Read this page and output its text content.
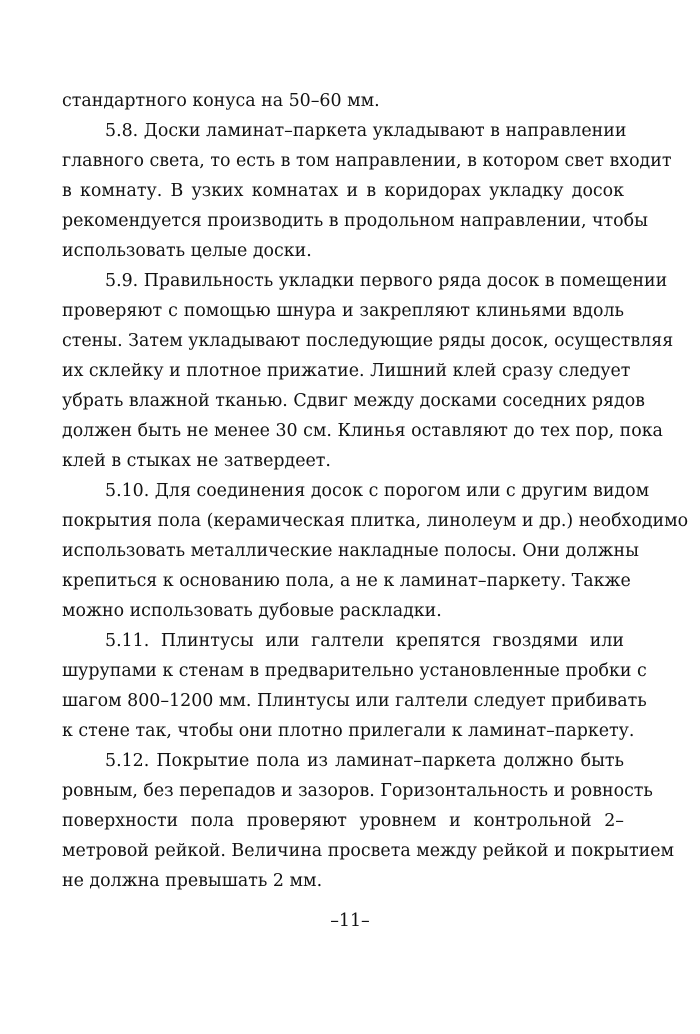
стандартного конуса на 50–60 мм.
5.8. Доски ламинат–паркета укладывают в направлении
главного света, то есть в том направлении, в котором свет входит
в комнату. В узких комнатах и в коридорах укладку досок
рекомендуется производить в продольном направлении, чтобы
использовать целые доски.
5.9. Правильность укладки первого ряда досок в помещении
проверяют с помощью шнура и закрепляют клиньями вдоль
стены. Затем укладывают последующие ряды досок, осуществляя
их склейку и плотное прижатие. Лишний клей сразу следует
убрать влажной тканью. Сдвиг между досками соседних рядов
должен быть не менее 30 см. Клинья оставляют до тех пор, пока
клей в стыках не затвердеет.
5.10. Для соединения досок с порогом или с другим видом
покрытия пола (керамическая плитка, линолеум и др.) необходимо
использовать металлические накладные полосы. Они должны
крепиться к основанию пола, а не к ламинат–паркету. Также
можно использовать дубовые раскладки.
5.11. Плинтусы или галтели крепятся гвоздями или
шурупами к стенам в предварительно установленные пробки с
шагом 800–1200 мм. Плинтусы или галтели следует прибивать
к стене так, чтобы они плотно прилегали к ламинат–паркету.
5.12. Покрытие пола из ламинат–паркета должно быть
ровным, без перепадов и зазоров. Горизонтальность и ровность
поверхности пола проверяют уровнем и контрольной 2–
метровой рейкой. Величина просвета между рейкой и покрытием
не должна превышать 2 мм.
–11–
